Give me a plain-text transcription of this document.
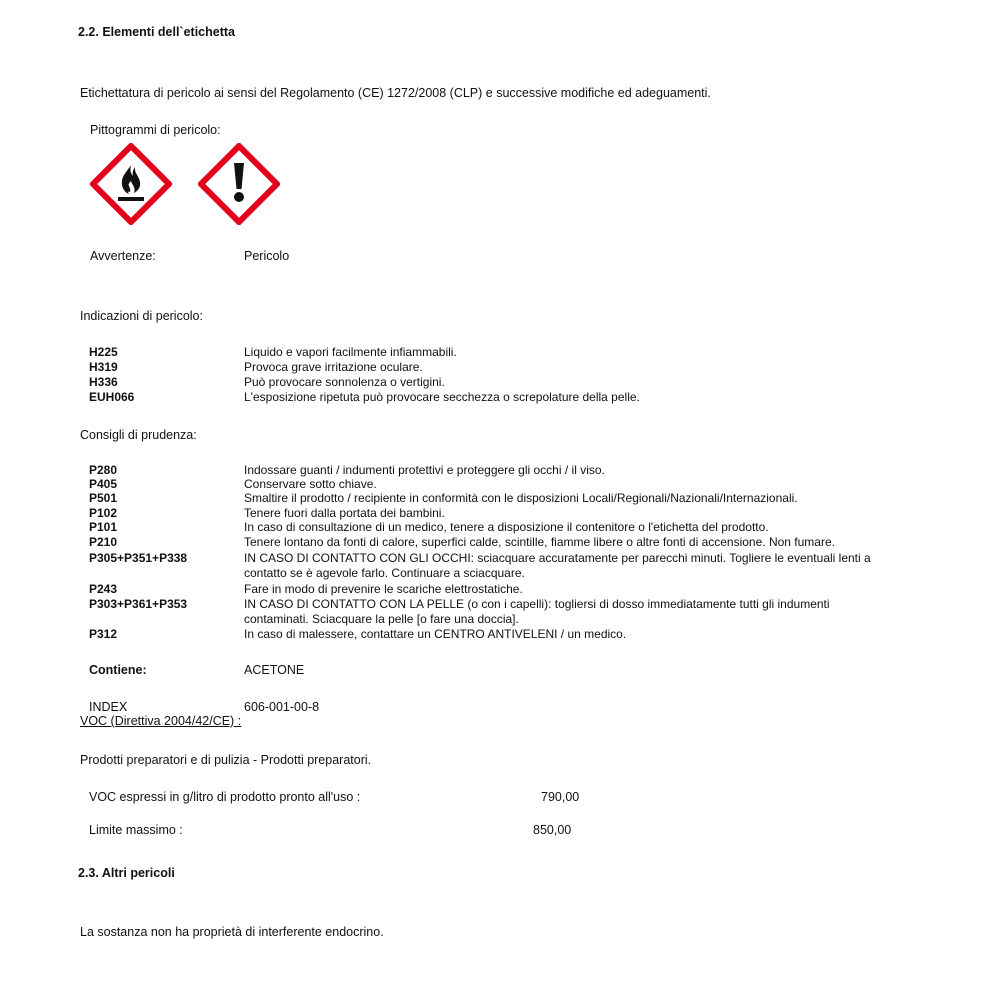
2.2. Elementi dell`etichetta
Etichettatura di pericolo ai sensi del Regolamento (CE) 1272/2008 (CLP) e successive modifiche ed adeguamenti.
Pittogrammi di pericolo:
Avvertenze:	Pericolo
Indicazioni di pericolo:
H225	Liquido e vapori facilmente infiammabili.
H319	Provoca grave irritazione oculare.
H336	Può provocare sonnolenza o vertigini.
EUH066	L'esposizione ripetuta può provocare secchezza o screpolature della pelle.
Consigli di prudenza:
P280	Indossare guanti / indumenti protettivi e proteggere gli occhi / il viso.
P405	Conservare sotto chiave.
P501	Smaltire il prodotto / recipiente in conformità con le disposizioni Locali/Regionali/Nazionali/Internazionali.
P102	Tenere fuori dalla portata dei bambini.
P101	In caso di consultazione di un medico, tenere a disposizione il contenitore o l'etichetta del prodotto.
P210	Tenere lontano da fonti di calore, superfici calde, scintille, fiamme libere o altre fonti di accensione. Non fumare.
P305+P351+P338	IN CASO DI CONTATTO CON GLI OCCHI: sciacquare accuratamente per parecchi minuti. Togliere le eventuali lenti a
contatto se è agevole farlo. Continuare a sciacquare.
P243	Fare in modo di prevenire le scariche elettrostatiche.
P303+P361+P353	IN CASO DI CONTATTO CON LA PELLE (o con i capelli): togliersi di dosso immediatamente tutti gli indumenti
contaminati. Sciacquare la pelle [o fare una doccia].
P312	In caso di malessere, contattare un CENTRO ANTIVELENI / un medico.
Contiene:	ACETONE
INDEX	606-001-00-8
VOC (Direttiva 2004/42/CE) :
Prodotti preparatori e di pulizia - Prodotti preparatori.
VOC espressi in g/litro di prodotto pronto all'uso :	790,00
Limite massimo :	850,00
2.3. Altri pericoli
La sostanza non ha proprietà di interferente endocrino.
